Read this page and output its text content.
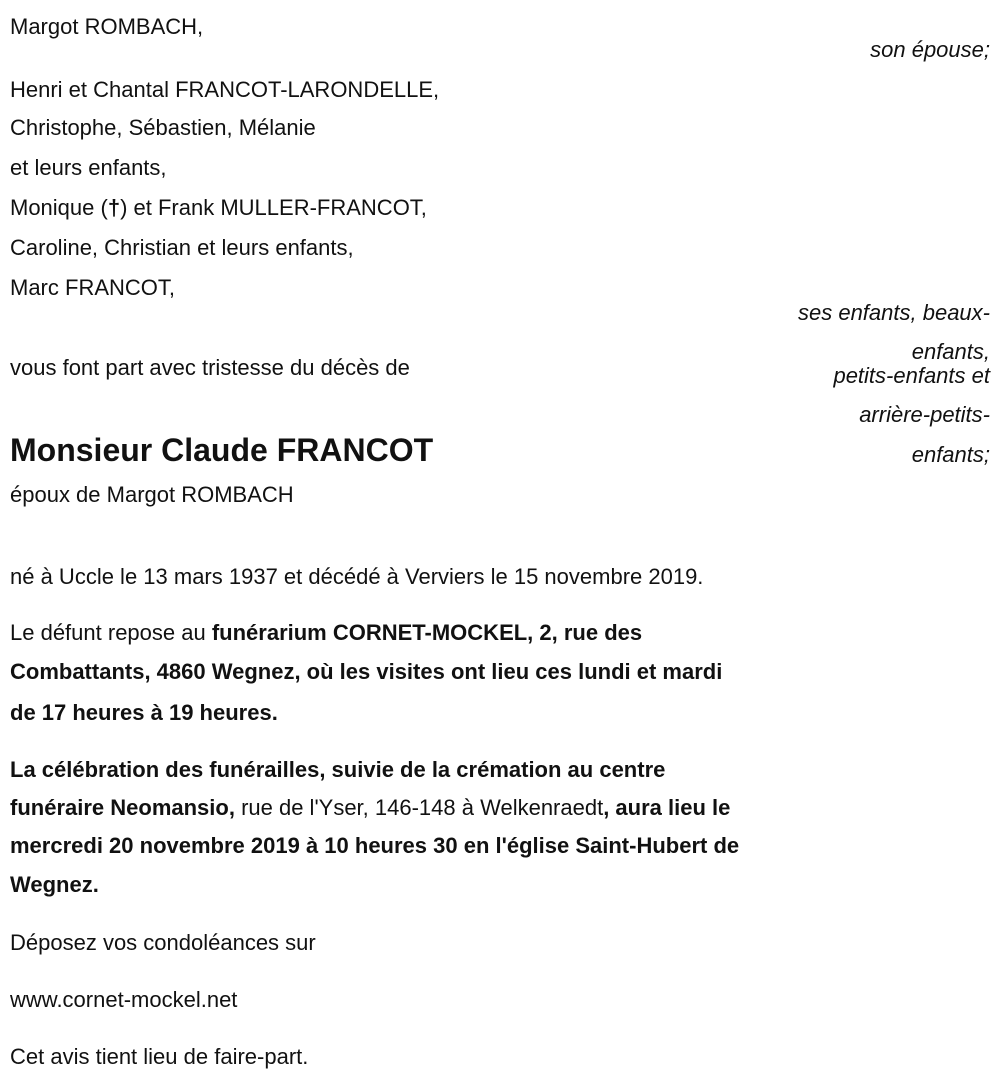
Margot ROMBACH,
son épouse;
Henri et Chantal FRANCOT-LARONDELLE,
Christophe, Sébastien, Mélanie
et leurs enfants,
Monique (†) et Frank MULLER-FRANCOT,
Caroline, Christian et leurs enfants,
Marc FRANCOT,
ses enfants, beaux-
enfants,
petits-enfants et
arrière-petits-
enfants;
vous font part avec tristesse du décès de
Monsieur Claude FRANCOT
époux de Margot ROMBACH
né à Uccle le 13 mars 1937 et décédé à Verviers le 15 novembre 2019.
Le défunt repose au funérarium CORNET-MOCKEL, 2, rue des
Combattants, 4860 Wegnez, où les visites ont lieu ces lundi et mardi
de 17 heures à 19 heures.
La célébration des funérailles, suivie de la crémation au centre
funéraire Neomansio, rue de l'Yser, 146-148 à Welkenraedt, aura lieu le
mercredi 20 novembre 2019 à 10 heures 30 en l'église Saint-Hubert de
Wegnez.
Déposez vos condoléances sur
www.cornet-mockel.net
Cet avis tient lieu de faire-part.
